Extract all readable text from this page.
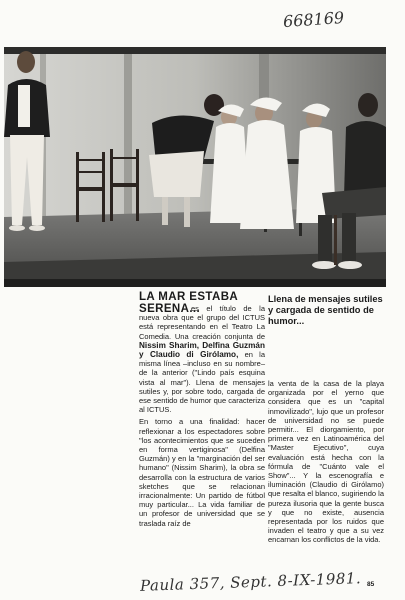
668169
LA MAR ESTABA SERENA...
Llena de mensajes sutiles y cargada de sentido de humor...

es el título de la nueva obra que el grupo del ICTUS está representando en el Teatro La Comedia. Una creación conjunta de Nissim Sharim, Delfina Guzmán y Claudio di Girólamo, en la misma línea –incluso en su nombre– de la anterior ("Lindo país esquina vista al mar"). Llena de mensajes sutiles y, por sobre todo, cargada de ese sentido de humor que caracteriza al ICTUS.

En torno a una finalidad: hacer reflexionar a los espectadores sobre "los acontecimientos que se suceden en forma vertiginosa" (Delfina Guzmán) y en la "marginación del ser humano" (Nissim Sharim), la obra se desarrolla con la estructura de varios sketches que se relacionan irracionalmente: Un partido de fútbol muy particular... La vida familiar de un profesor de universidad que se traslada raíz de

la venta de la casa de la playa organizada por el yerno que considera que es un "capital inmovilizado", lujo que un profesor de universidad no se puede permitir... El diorgamiento, por primera vez en Latinoamérica del "Master Ejecutivo", cuya evaluación está hecha con la fórmula de "Cuánto vale el Show"... Y la escenografía e iluminación (Claudio di Girólamo) que resalta el blanco, sugiriendo la pureza ilusoria que la gente busca y que no existe, ausencia representada por los ruidos que invaden el teatro y que a su vez encarnan los conflictos de la vida.

85
Paula 357, Sept. 8-IX-1981.
